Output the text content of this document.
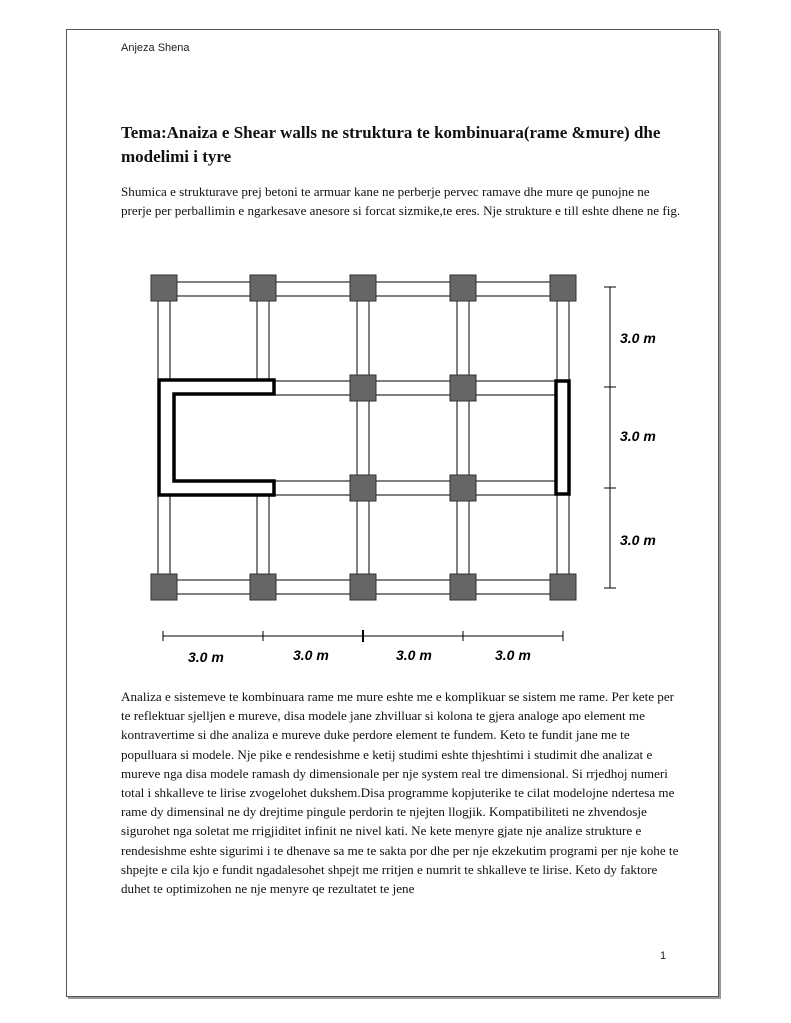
Anjeza Shena
Tema:Anaiza e Shear walls ne struktura te kombinuara(rame &mure) dhe modelimi i tyre
Shumica e strukturave prej betoni te armuar kane ne perberje pervec ramave dhe mure qe punojne ne prerje per perballimin e ngarkesave anesore si forcat sizmike,te eres. Nje strukture e till eshte dhene ne fig.
3.0 m
3.0 m
3.0 m
3.0 m	3.0 m	3.0 m	3.0 m
Analiza e sistemeve te kombinuara rame me mure eshte me e komplikuar se sistem me rame. Per kete per te reflektuar sjelljen e mureve, disa modele jane zhvilluar si kolona te gjera analoge apo element me kontravertime si dhe analiza e mureve duke perdore element te fundem. Keto te fundit jane me te populluara si modele. Nje pike e rendesishme e ketij studimi eshte thjeshtimi i studimit dhe analizat e mureve nga disa modele ramash dy dimensionale per nje system real tre dimensional. Si rrjedhoj numeri total i shkalleve te lirise zvogelohet dukshem.Disa programme kopjuterike te cilat modelojne ndertesa me rame dy dimensinal ne dy drejtime pingule perdorin te njejten llogjik. Kompatibiliteti ne zhvendosje sigurohet nga soletat me rrigjiditet infinit ne nivel kati. Ne kete menyre gjate nje analize strukture e rendesishme eshte sigurimi i te dhenave sa me te sakta por dhe per nje ekzekutim programi per nje kohe te shpejte e cila kjo e fundit ngadalesohet shpejt me rritjen e numrit te shkalleve te lirise. Keto dy faktore duhet te optimizohen ne nje menyre qe rezultatet te jene
1
